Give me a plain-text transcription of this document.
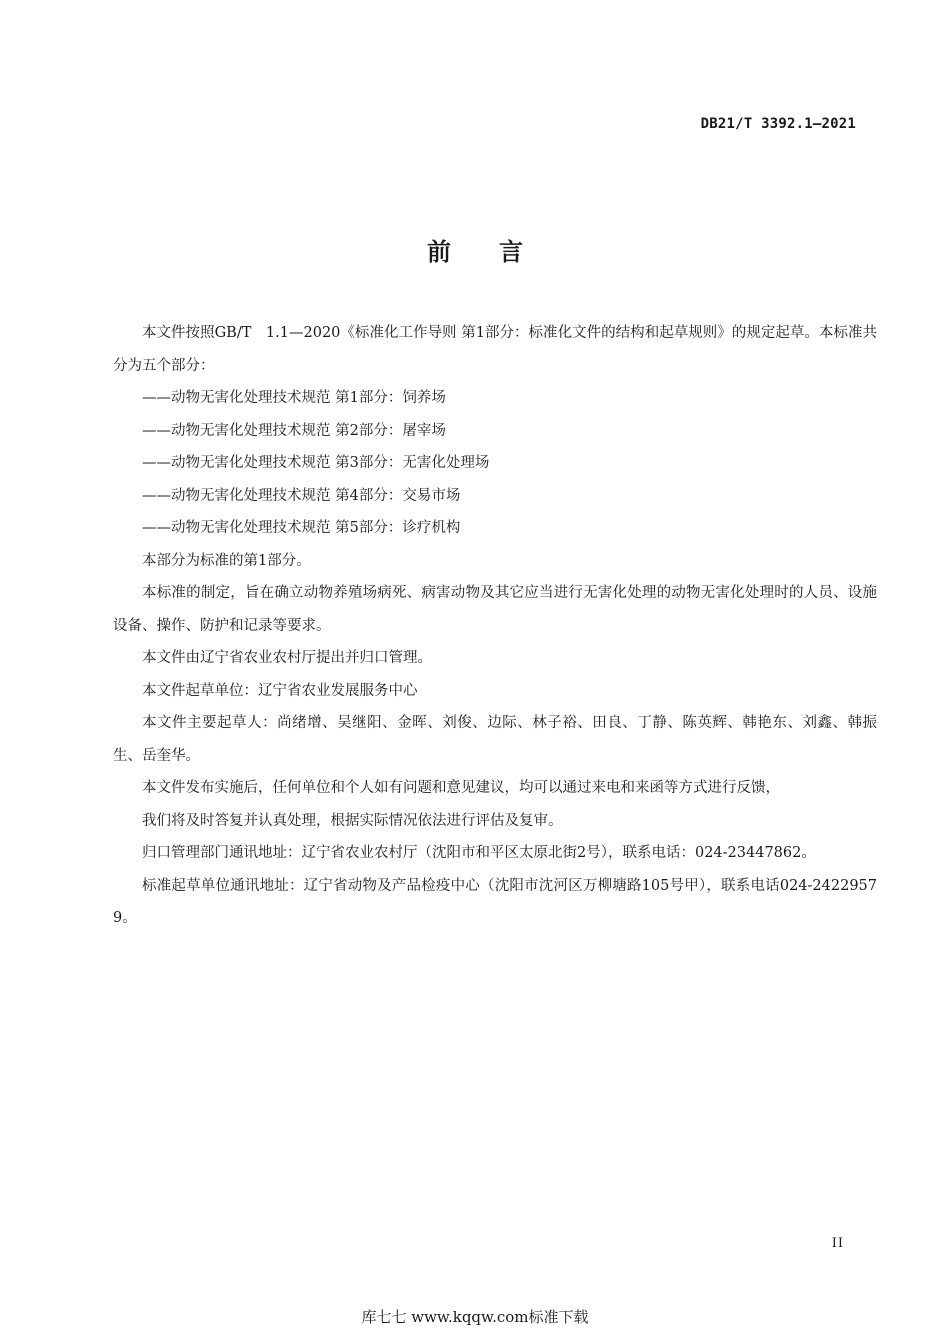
DB21/T 3392.1—2021
前 言

本文件按照GB/T　1.1—2020《标准化工作导则 第1部分：标准化文件的结构和起草规则》的规定起草。本标准共分为五个部分：

——动物无害化处理技术规范 第1部分：饲养场

——动物无害化处理技术规范 第2部分：屠宰场

——动物无害化处理技术规范 第3部分：无害化处理场

——动物无害化处理技术规范 第4部分：交易市场

——动物无害化处理技术规范 第5部分：诊疗机构

本部分为标准的第1部分。

本标准的制定，旨在确立动物养殖场病死、病害动物及其它应当进行无害化处理的动物无害化处理时的人员、设施设备、操作、防护和记录等要求。

本文件由辽宁省农业农村厅提出并归口管理。

本文件起草单位：辽宁省农业发展服务中心

本文件主要起草人：尚绪增、吴继阳、金晖、刘俊、边际、林子裕、田良、丁静、陈英辉、韩艳东、刘鑫、韩振生、岳奎华。

本文件发布实施后，任何单位和个人如有问题和意见建议，均可以通过来电和来函等方式进行反馈，

我们将及时答复并认真处理，根据实际情况依法进行评估及复审。

归口管理部门通讯地址：辽宁省农业农村厅（沈阳市和平区太原北街2号），联系电话：024-23447862。

标准起草单位通讯地址：辽宁省动物及产品检疫中心（沈阳市沈河区万柳塘路105号甲），联系电话024-24229579。

II
库七七 www.kqqw.com标准下载
